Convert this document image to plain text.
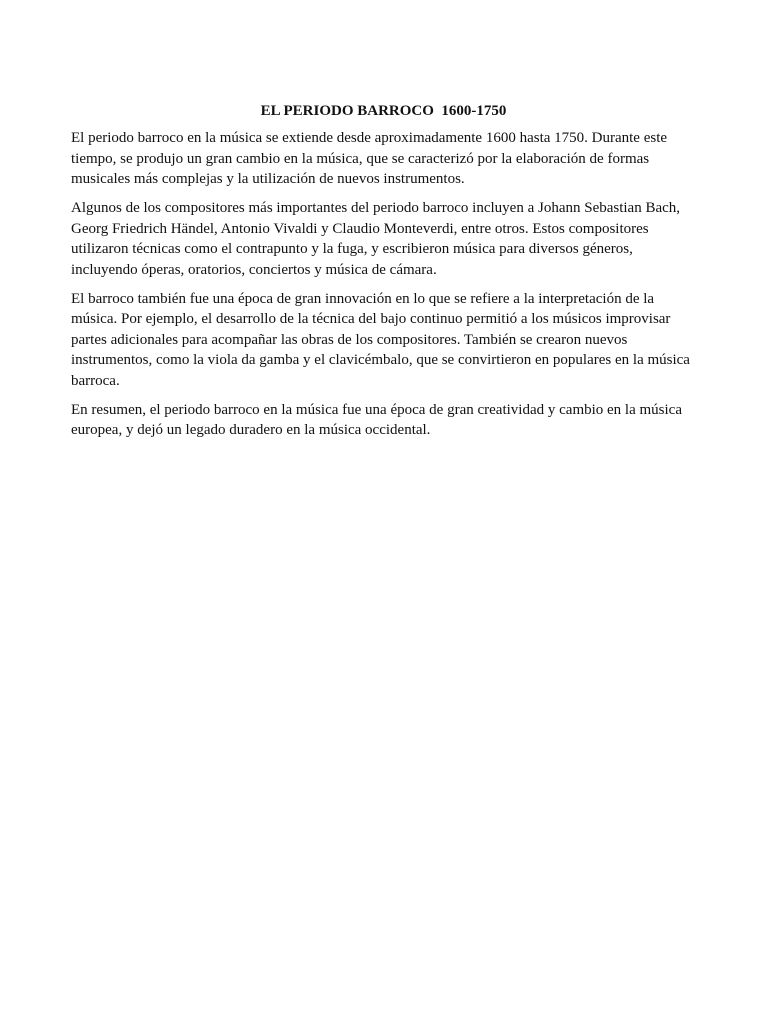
EL PERIODO BARROCO  1600-1750

El periodo barroco en la música se extiende desde aproximadamente 1600 hasta 1750. Durante este tiempo, se produjo un gran cambio en la música, que se caracterizó por la elaboración de formas musicales más complejas y la utilización de nuevos instrumentos.

Algunos de los compositores más importantes del periodo barroco incluyen a Johann Sebastian Bach, Georg Friedrich Händel, Antonio Vivaldi y Claudio Monteverdi, entre otros. Estos compositores utilizaron técnicas como el contrapunto y la fuga, y escribieron música para diversos géneros, incluyendo óperas, oratorios, conciertos y música de cámara.

El barroco también fue una época de gran innovación en lo que se refiere a la interpretación de la música. Por ejemplo, el desarrollo de la técnica del bajo continuo permitió a los músicos improvisar partes adicionales para acompañar las obras de los compositores. También se crearon nuevos instrumentos, como la viola da gamba y el clavicémbalo, que se convirtieron en populares en la música barroca.

En resumen, el periodo barroco en la música fue una época de gran creatividad y cambio en la música europea, y dejó un legado duradero en la música occidental.
